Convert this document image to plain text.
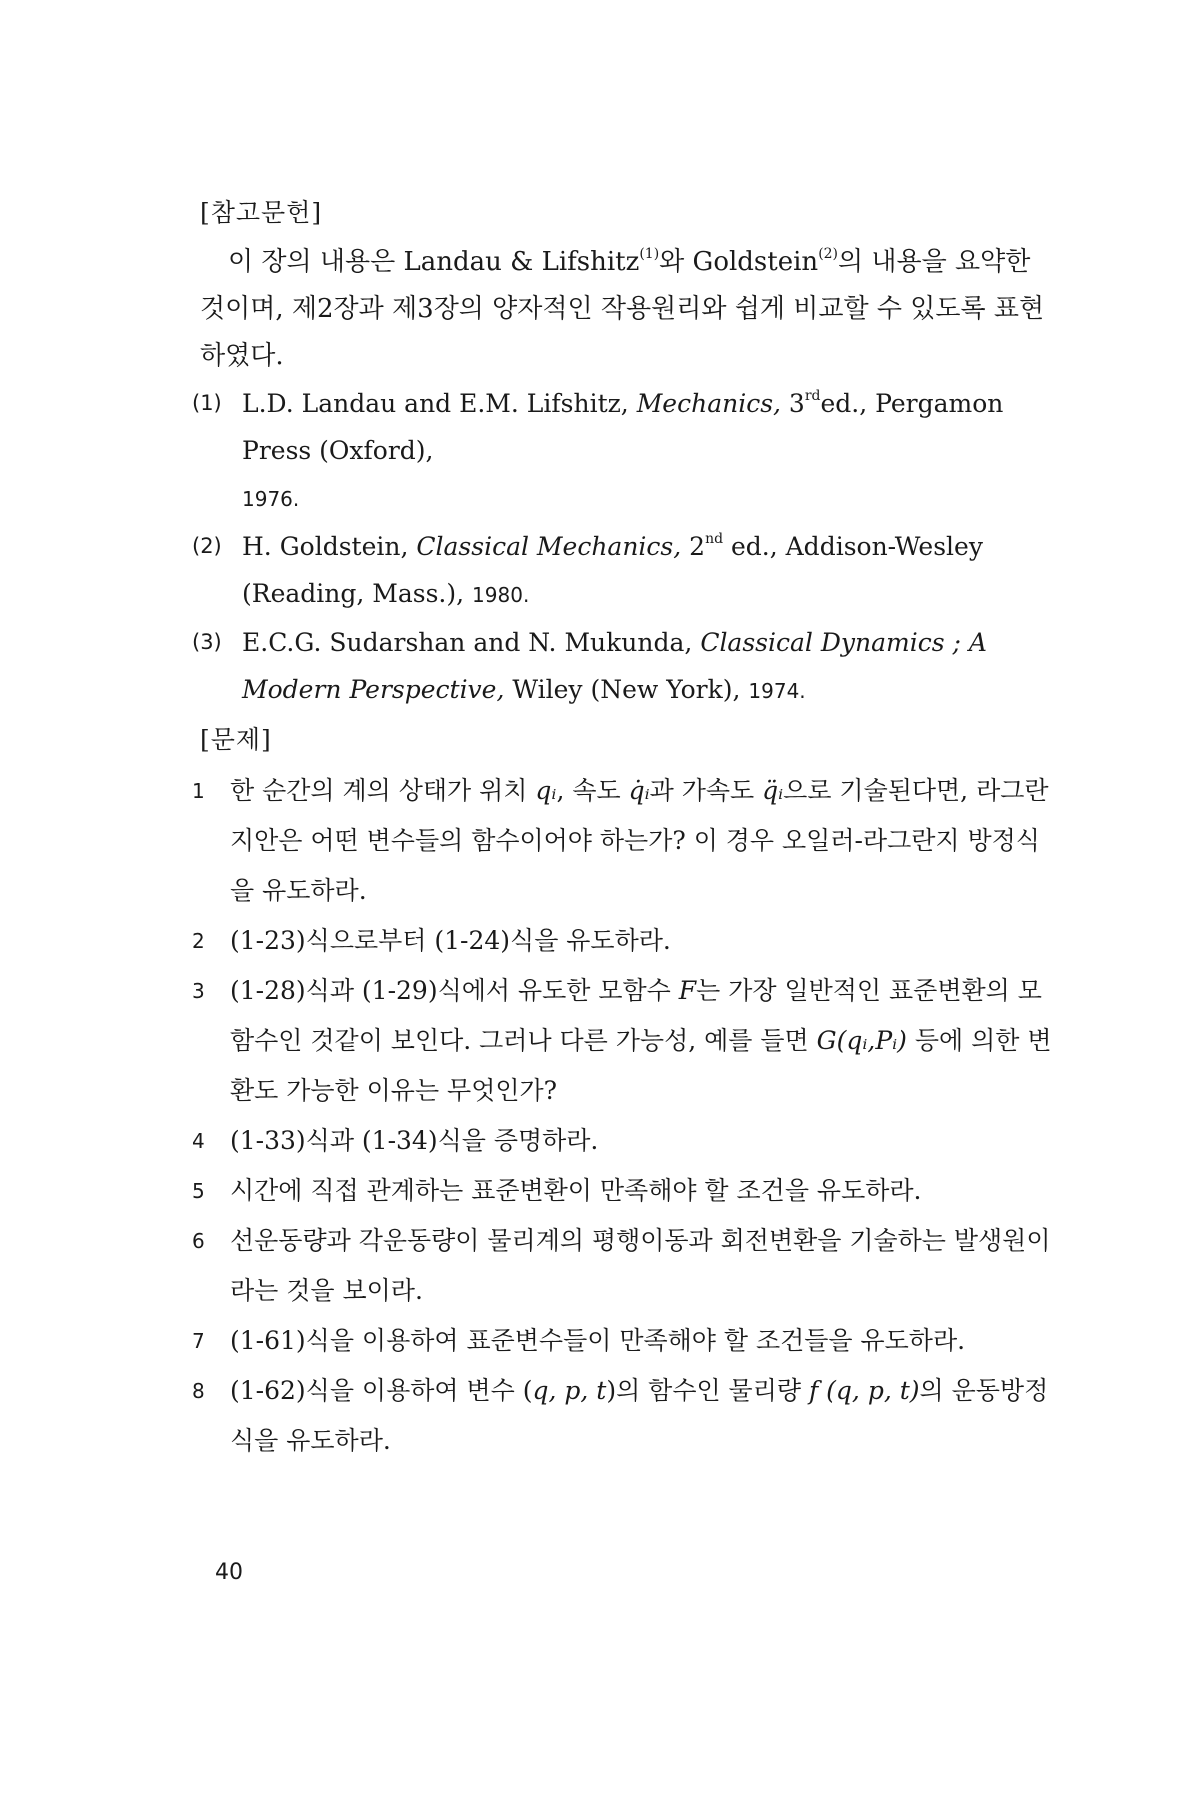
[참고문헌]

이 장의 내용은 Landau & Lifshitz$^{(1)}$와 Goldstein$^{(2)}$의 내용을 요약한 것이며, 제2장과 제3장의 양자적인 작용원리와 쉽게 비교할 수 있도록 표현하였다.

(1) L.D. Landau and E.M. Lifshitz, Mechanics, 3rded., Pergamon Press (Oxford),
1976.
(2) H. Goldstein, Classical Mechanics, 2nd ed., Addison-Wesley (Reading, Mass.), 1980.
(3) E.C.G. Sudarshan and N. Mukunda, Classical Dynamics ; A Modern Perspective, Wiley (New York), 1974.

[문제]

1 한 순간의 계의 상태가 위치 qᵢ, 속도 q̇ᵢ과 가속도 q̈ᵢ으로 기술된다면, 라그란지안은 어떤 변수들의 함수이어야 하는가? 이 경우 오일러-라그란지 방정식을 유도하라.
2 (1-23)식으로부터 (1-24)식을 유도하라.
3 (1-28)식과 (1-29)식에서 유도한 모함수 F는 가장 일반적인 표준변환의 모함수인 것같이 보인다. 그러나 다른 가능성, 예를 들면 G(qᵢ,Pᵢ) 등에 의한 변환도 가능한 이유는 무엇인가?
4 (1-33)식과 (1-34)식을 증명하라.
5 시간에 직접 관계하는 표준변환이 만족해야 할 조건을 유도하라.
6 선운동량과 각운동량이 물리계의 평행이동과 회전변환을 기술하는 발생원이라는 것을 보이라.
7 (1-61)식을 이용하여 표준변수들이 만족해야 할 조건들을 유도하라.
8 (1-62)식을 이용하여 변수 (q, p, t)의 함수인 물리량 f (q, p, t)의 운동방정식을 유도하라.
40
